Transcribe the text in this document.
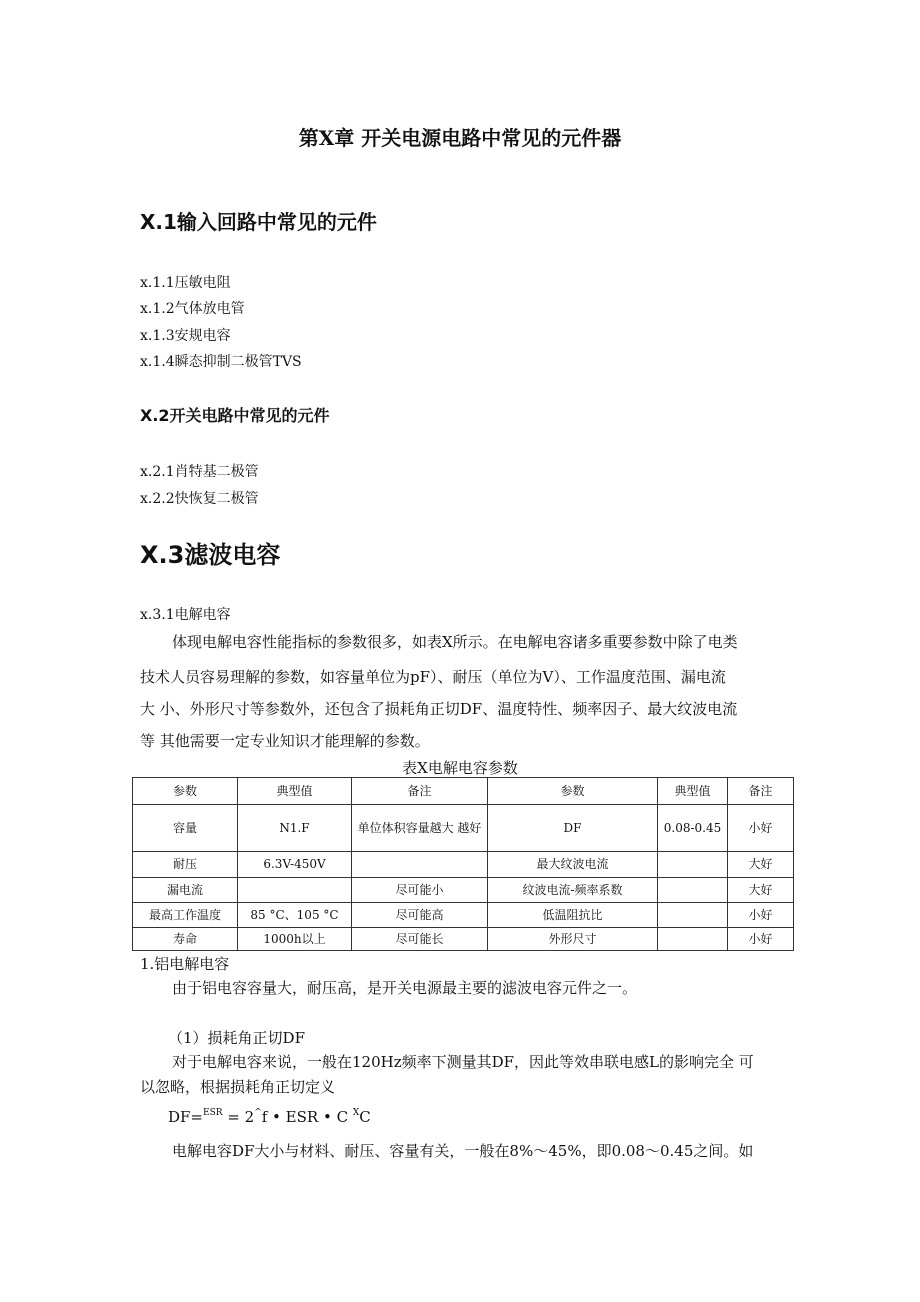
第X章 开关电源电路中常见的元件器
X.1输入回路中常见的元件
x.1.1压敏电阻
x.1.2气体放电管
x.1.3安规电容
x.1.4瞬态抑制二极管TVS
X.2开关电路中常见的元件
x.2.1肖特基二极管
x.2.2快恢复二极管
X.3滤波电容
x.3.1电解电容
体现电解电容性能指标的参数很多，如表X所示。在电解电容诸多重要参数中除了电类
技术人员容易理解的参数，如容量单位为pF）、耐压（单位为V）、工作温度范围、漏电流
大 小、外形尺寸等参数外，还包含了损耗角正切DF、温度特性、频率因子、最大纹波电流
等 其他需要一定专业知识才能理解的参数。
表X电解电容参数
参数	典型值	备注	参数	典型值	备注
容量	Ν1.F	单位体积容量越大 越好	DF	0.08-0.45	小好
耐压	6.3V-450V		最大纹波电流		大好
漏电流		尽可能小	纹波电流-频率系数		大好
最高工作温度	85 °C、105 °C	尽可能高	低温阻抗比		小好
寿命	1000h以上	尽可能长	外形尺寸		小好
1.铝电解电容
由于铝电容容量大，耐压高，是开关电源最主要的滤波电容元件之一。
（1）损耗角正切DF
对于电解电容来说，一般在120Hz频率下测量其DF，因此等效串联电感L的影响完全 可
以忽略，根据损耗角正切定义
DF=$^{ESR}$ = 2^f • ESR • C $^X$C
电解电容DF大小与材料、耐压、容量有关，一般在8%～45%，即0.08～0.45之间。如
